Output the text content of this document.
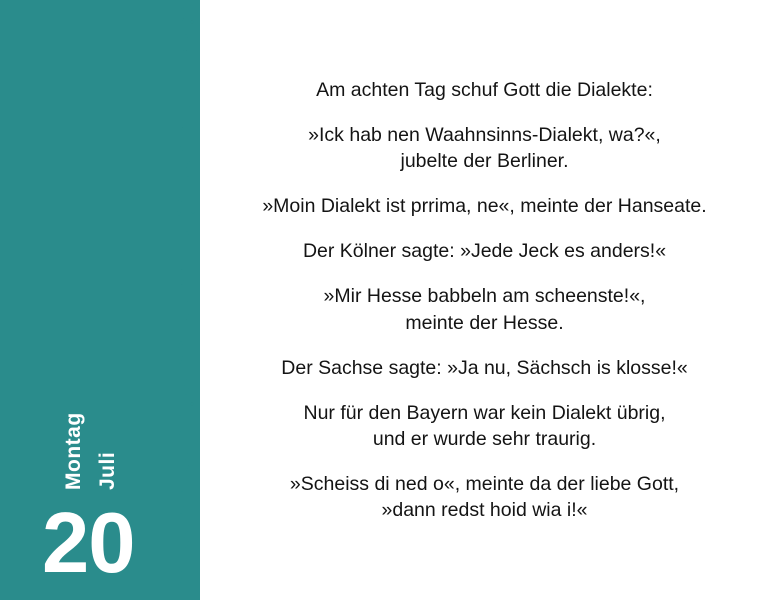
Montag Juli
20
Am achten Tag schuf Gott die Dialekte:
»Ick hab nen Waahnsinns-Dialekt, wa?«,
jubelte der Berliner.
»Moin Dialekt ist prrima, ne«, meinte der Hanseate.
Der Kölner sagte: »Jede Jeck es anders!«
»Mir Hesse babbeln am scheenste!«,
meinte der Hesse.
Der Sachse sagte: »Ja nu, Sächsch is klosse!«
Nur für den Bayern war kein Dialekt übrig,
und er wurde sehr traurig.
»Scheiss di ned o«, meinte da der liebe Gott,
»dann redst hoid wia i!«
